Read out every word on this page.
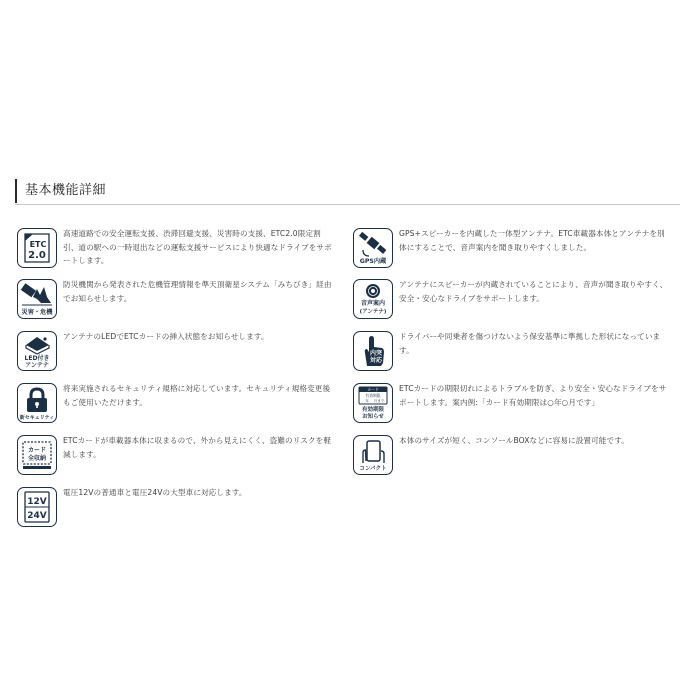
基本機能詳細
ETC
2.0
高速道路での安全運転支援、渋滞回避支援、災害時の支援、ETC2.0限定割引、道の駅への一時退出などの運転支援サービスにより快適なドライブをサポートします。	GPS内蔵
GPS+スピーカーを内蔵した一体型アンテナ。ETC車載器本体とアンテナを別体にすることで、音声案内を聞き取りやすくしました。
災害・危機
防災機関から発表された危機管理情報を準天頂衛星システム「みちびき」経由でお知らせします。
音声案内
(アンテナ)
アンテナにスピーカーが内蔵されていることにより、音声が聞き取りやすく、安全・安心なドライブをサポートします。
LED付き
アンテナ
アンテナのLEDでETCカードの挿入状態をお知らせします。
内突
対応
ドライバーや同乗者を傷つけないよう保安基準に準拠した形状になっています。
新セキュリティ
将来実施されるセキュリティ規格に対応しています。セキュリティ規格変更後もご使用いただけます。
カード
有効期限
年 月まで
有効期限
お知らせ
ETCカードの期限切れによるトラブルを防ぎ、より安全・安心なドライブをサポートします。案内例:「カード有効期限は○年○月です」
カード
全収納
ETCカードが車載器本体に収まるので、外から見えにくく、盗難のリスクを軽減します。
コンパクト
本体のサイズが短く、コンソールBOXなどに容易に設置可能です。
12V
24V
電圧12Vの普通車と電圧24Vの大型車に対応します。
